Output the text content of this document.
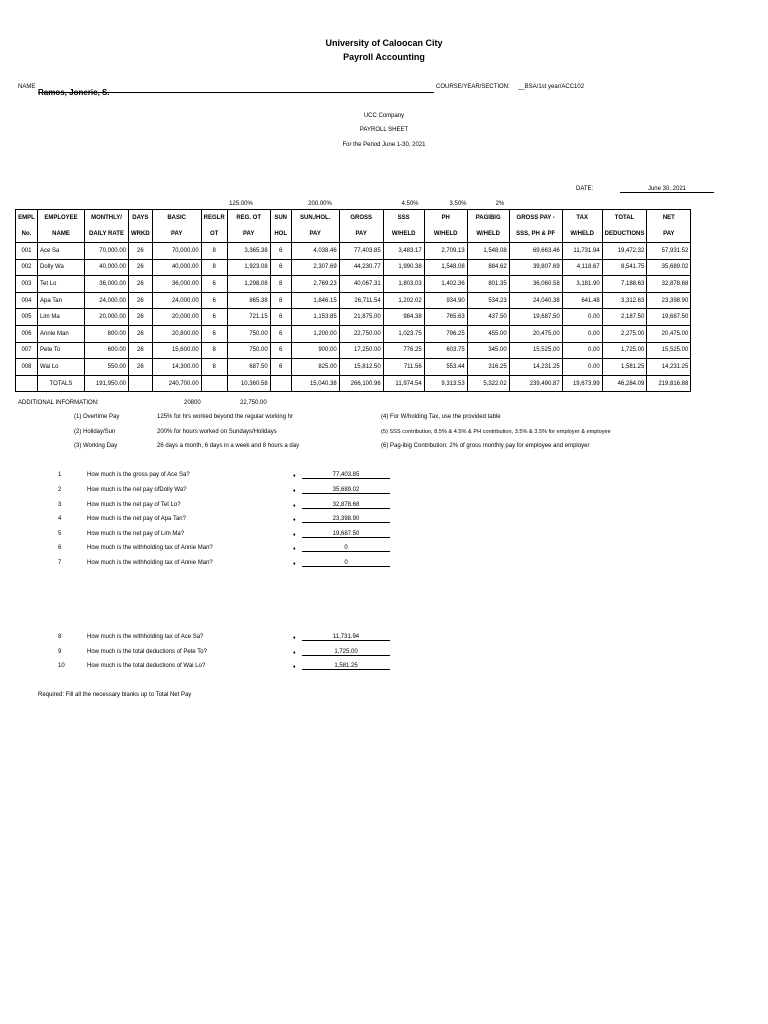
University of Caloocan City
Payroll Accounting
NAME
Ramos, Joneric, S.
COURSE/YEAR/SECTION: __BSA/1st year/ACC102
UCC Company
PAYROLL SHEET
For the Period June 1-30, 2021
DATE:	June 30, 2021
125.00%	200.00%	4.50%	3.50%	2%
EMPL	EMPLOYEE	MONTHLY/	DAYS	BASIC	REGLR	REG. OT	SUN	SUN./HOL.	GROSS	SSS	PH	PAGIBIG	GROSS PAY -	TAX	TOTAL	NET
No.	NAME	DAILY RATE	WRKD	PAY	OT	PAY	HOL	PAY	PAY	W/HELD	W/HELD	W/HELD	SSS, PH & PF	W/HELD	DEDUCTIONS	PAY
001	Ace Sa	70,000.00	26	70,000.00	8	3,365.38	6	4,038.46	77,403.85	3,483.17	2,709.13	1,548.08	69,663.46	11,731.94	19,472.32	57,931.52
002	Dolly Wa	40,000.00	26	40,000.00	8	1,923.08	6	2,307.69	44,230.77	1,990.38	1,548.08	884.62	39,807.69	4,118.67	8,541.75	35,689.02
003	Tet Lo	36,000.00	26	36,000.00	6	1,298.08	8	2,769.23	40,067.31	1,803.03	1,402.36	801.35	36,060.58	3,181.90	7,188.63	32,878.68
004	Apa Tan	24,000.00	26	24,000.00	6	865.38	8	1,846.15	26,711.54	1,202.02	934.90	534.23	24,040.38	641.48	3,312.63	23,398.90
005	Lim Ma	20,000.00	26	20,000.00	6	721.15	6	1,153.85	21,875.00	984.38	765.63	437.50	19,687.50	0.00	2,187.50	19,687.50
006	Annie Man	800.00	26	20,800.00	6	750.00	6	1,200.00	22,750.00	1,023.75	796.25	455.00	20,475.00	0.00	2,275.00	20,475.00
007	Pete To	600.00	26	15,600.00	8	750.00	6	900.00	17,250.00	776.25	603.75	345.00	15,525.00	0.00	1,725.00	15,525.00
008	Wai Lo	550.00	26	14,300.00	8	687.50	6	825.00	15,812.50	711.56	553.44	316.25	14,231.25	0.00	1,581.25	14,231.25
	TOTALS	191,950.00		240,700.00		10,360.58		15,040.38	266,100.96	11,974.54	9,313.53	5,322.02	239,490.87	19,673.99	46,284.09	219,816.88
ADDITIONAL INFORMATION:	20800	22,750.00
(1) Overtime Pay	125% for hrs worked beyond the regular working hr
(2) Holiday/Sun	200% for hours worked on Sundays/Holidays
(3) Working Day	26 days a month, 6 days in a week and 8 hours a day
(4) For W/holding Tax, use the provided table
(5) SSS contribution, 8.5% & 4.5% & PH contribution, 3.5% & 3.5% for employer & employee
(6) Pag-ibig Contribution: 2% of gross monthly pay for employee and employer
1	How much is the gross pay of Ace Sa?	♦	77,403.85
2	How much is the net pay ofDolly Wa?	♦	35,689.02
3	How much is the net pay of Tet Lo?	♦	32,878.68
4	How much is the net pay of Apa Tan?	♦	23,398.90
5	How much is the net pay of Lim Ma?	♦	19,687.50
6	How much is the withholding tax of Annie Man?	♦	0
7	How much is the withholding tax of Annie Man?	♦	0
8	How much is the withholding tax of Ace Sa?	♦	11,731.94
9	How much is the total deductions of Pete To?	♦	1,725.00
10	How much is the total deductions of Wai Lo?	♦	1,581.25
Required: Fill all the necessary blanks up to Total Net Pay
